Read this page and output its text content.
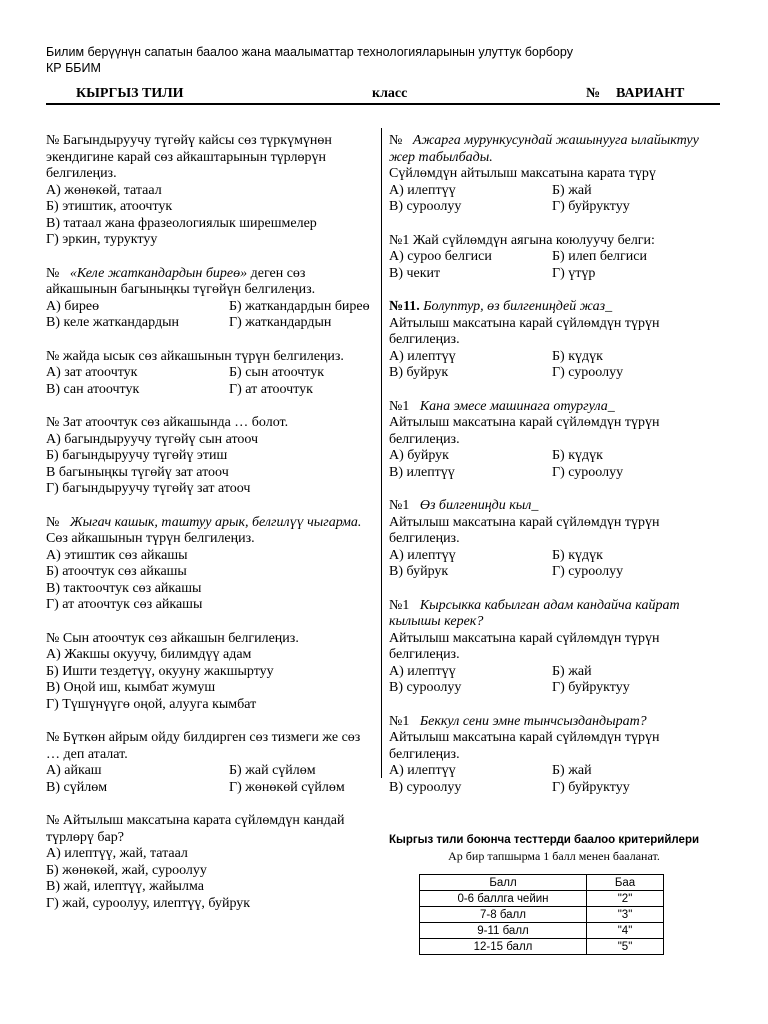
Билим берүүнүн сапатын баалоо жана маалыматтар технологияларынын улуттук борбору
КР ББИМ
КЫРГЫЗ ТИЛИ	класс	№ ВАРИАНТ

№ Багындыруучу түгөйү кайсы сөз түркүмүнөн экендигине карай сөз айкаштарынын түрлөрүн белгилеңиз.

А) жөнөкөй, татаал
Б) этиштик, атоочтук
В) татаал жана фразеологиялык ширешмелер
Г) эркин, туруктуу

№   «Келе жаткандардын биреө» деген сөз айкашынын багыныңкы түгөйүн белгилеңиз.

А) биреө	Б) жаткандардын биреө
В) келе жаткандардын	Г) жаткандардын

№ жайда ысык сөз айкашынын түрүн белгилеңиз.

А) зат атоочтук	Б) сын атоочтук
В) сан атоочтук	Г) ат атоочтук

№ Зат атоочтук сөз айкашында … болот.

А) багындыруучу түгөйү сын атооч
Б) багындыруучу түгөйү этиш
В багыныңкы түгөйү зат атооч
Г) багындыруучу түгөйү зат атооч

№   Жыгач кашык, таштуу арык, белгилүү чыгарма. Сөз айкашынын түрүн белгилеңиз.

А) этиштик сөз айкашы
Б) атоочтук сөз айкашы
В) тактоочтук сөз айкашы
Г) ат атоочтук сөз айкашы

№ Сын атоочтук сөз айкашын белгилеңиз.

А) Жакшы окуучу, билимдүү адам
Б) Ишти тездетүү, окууну жакшыртуу
В) Оңой иш, кымбат жумуш
Г) Түшүнүүгө оңой, алууга кымбат

№ Бүткөн айрым ойду билдирген сөз тизмеги же сөз … деп аталат.

А) айкаш	Б) жай сүйлөм
В) сүйлөм	Г) жөнөкөй сүйлөм

№ Айтылыш максатына карата сүйлөмдүн кандай түрлөрү бар?

А) илептүү, жай, татаал
Б) жөнөкөй, жай, суроолуу
В) жай, илептүү, жайылма
Г) жай, суроолуу, илептүү, буйрук

№   Ажарга мурункусундай жашынууга ылайыктуу жер табылбады.

Сүйлөмдүн айтылыш максатына карата түрү

А) илептүү	Б) жай
В) суроолуу	Г) буйруктуу

№1 Жай сүйлөмдүн аягына коюлуучу белги:

А) суроо белгиси	Б) илеп белгиси
В) чекит	Г) үтүр

№11. Болуптур, өз билгениңдей жаз_

Айтылыш максатына карай сүйлөмдүн түрүн белгилеңиз.

А) илептүү	Б) күдүк
В) буйрук	Г) суроолуу

№1   Кана эмесе машинага отургула_

Айтылыш максатына карай сүйлөмдүн түрүн белгилеңиз.

А) буйрук	Б) күдүк
В) илептүү	Г) суроолуу

№1   Өз билгениңди кыл_

Айтылыш максатына карай сүйлөмдүн түрүн белгилеңиз.

А) илептүү	Б) күдүк
В) буйрук	Г) суроолуу

№1   Кырсыкка кабылган адам кандайча кайрат кылышы керек?

Айтылыш максатына карай сүйлөмдүн түрүн белгилеңиз.

А) илептүү	Б) жай
В) суроолуу	Г) буйруктуу

№1   Беккул сени эмне тынчсыздандырат?

Айтылыш максатына карай сүйлөмдүн түрүн белгилеңиз.

А) илептүү	Б) жай
В) суроолуу	Г) буйруктуу
Кыргыз тили боюнча тесттерди баалоо критерийлери
Ар бир тапшырма 1 балл менен бааланат.
Балл	Баа
0-6 баллга чейин	"2"
7-8 балл	"3"
9-11 балл	"4"
12-15 балл	"5"
